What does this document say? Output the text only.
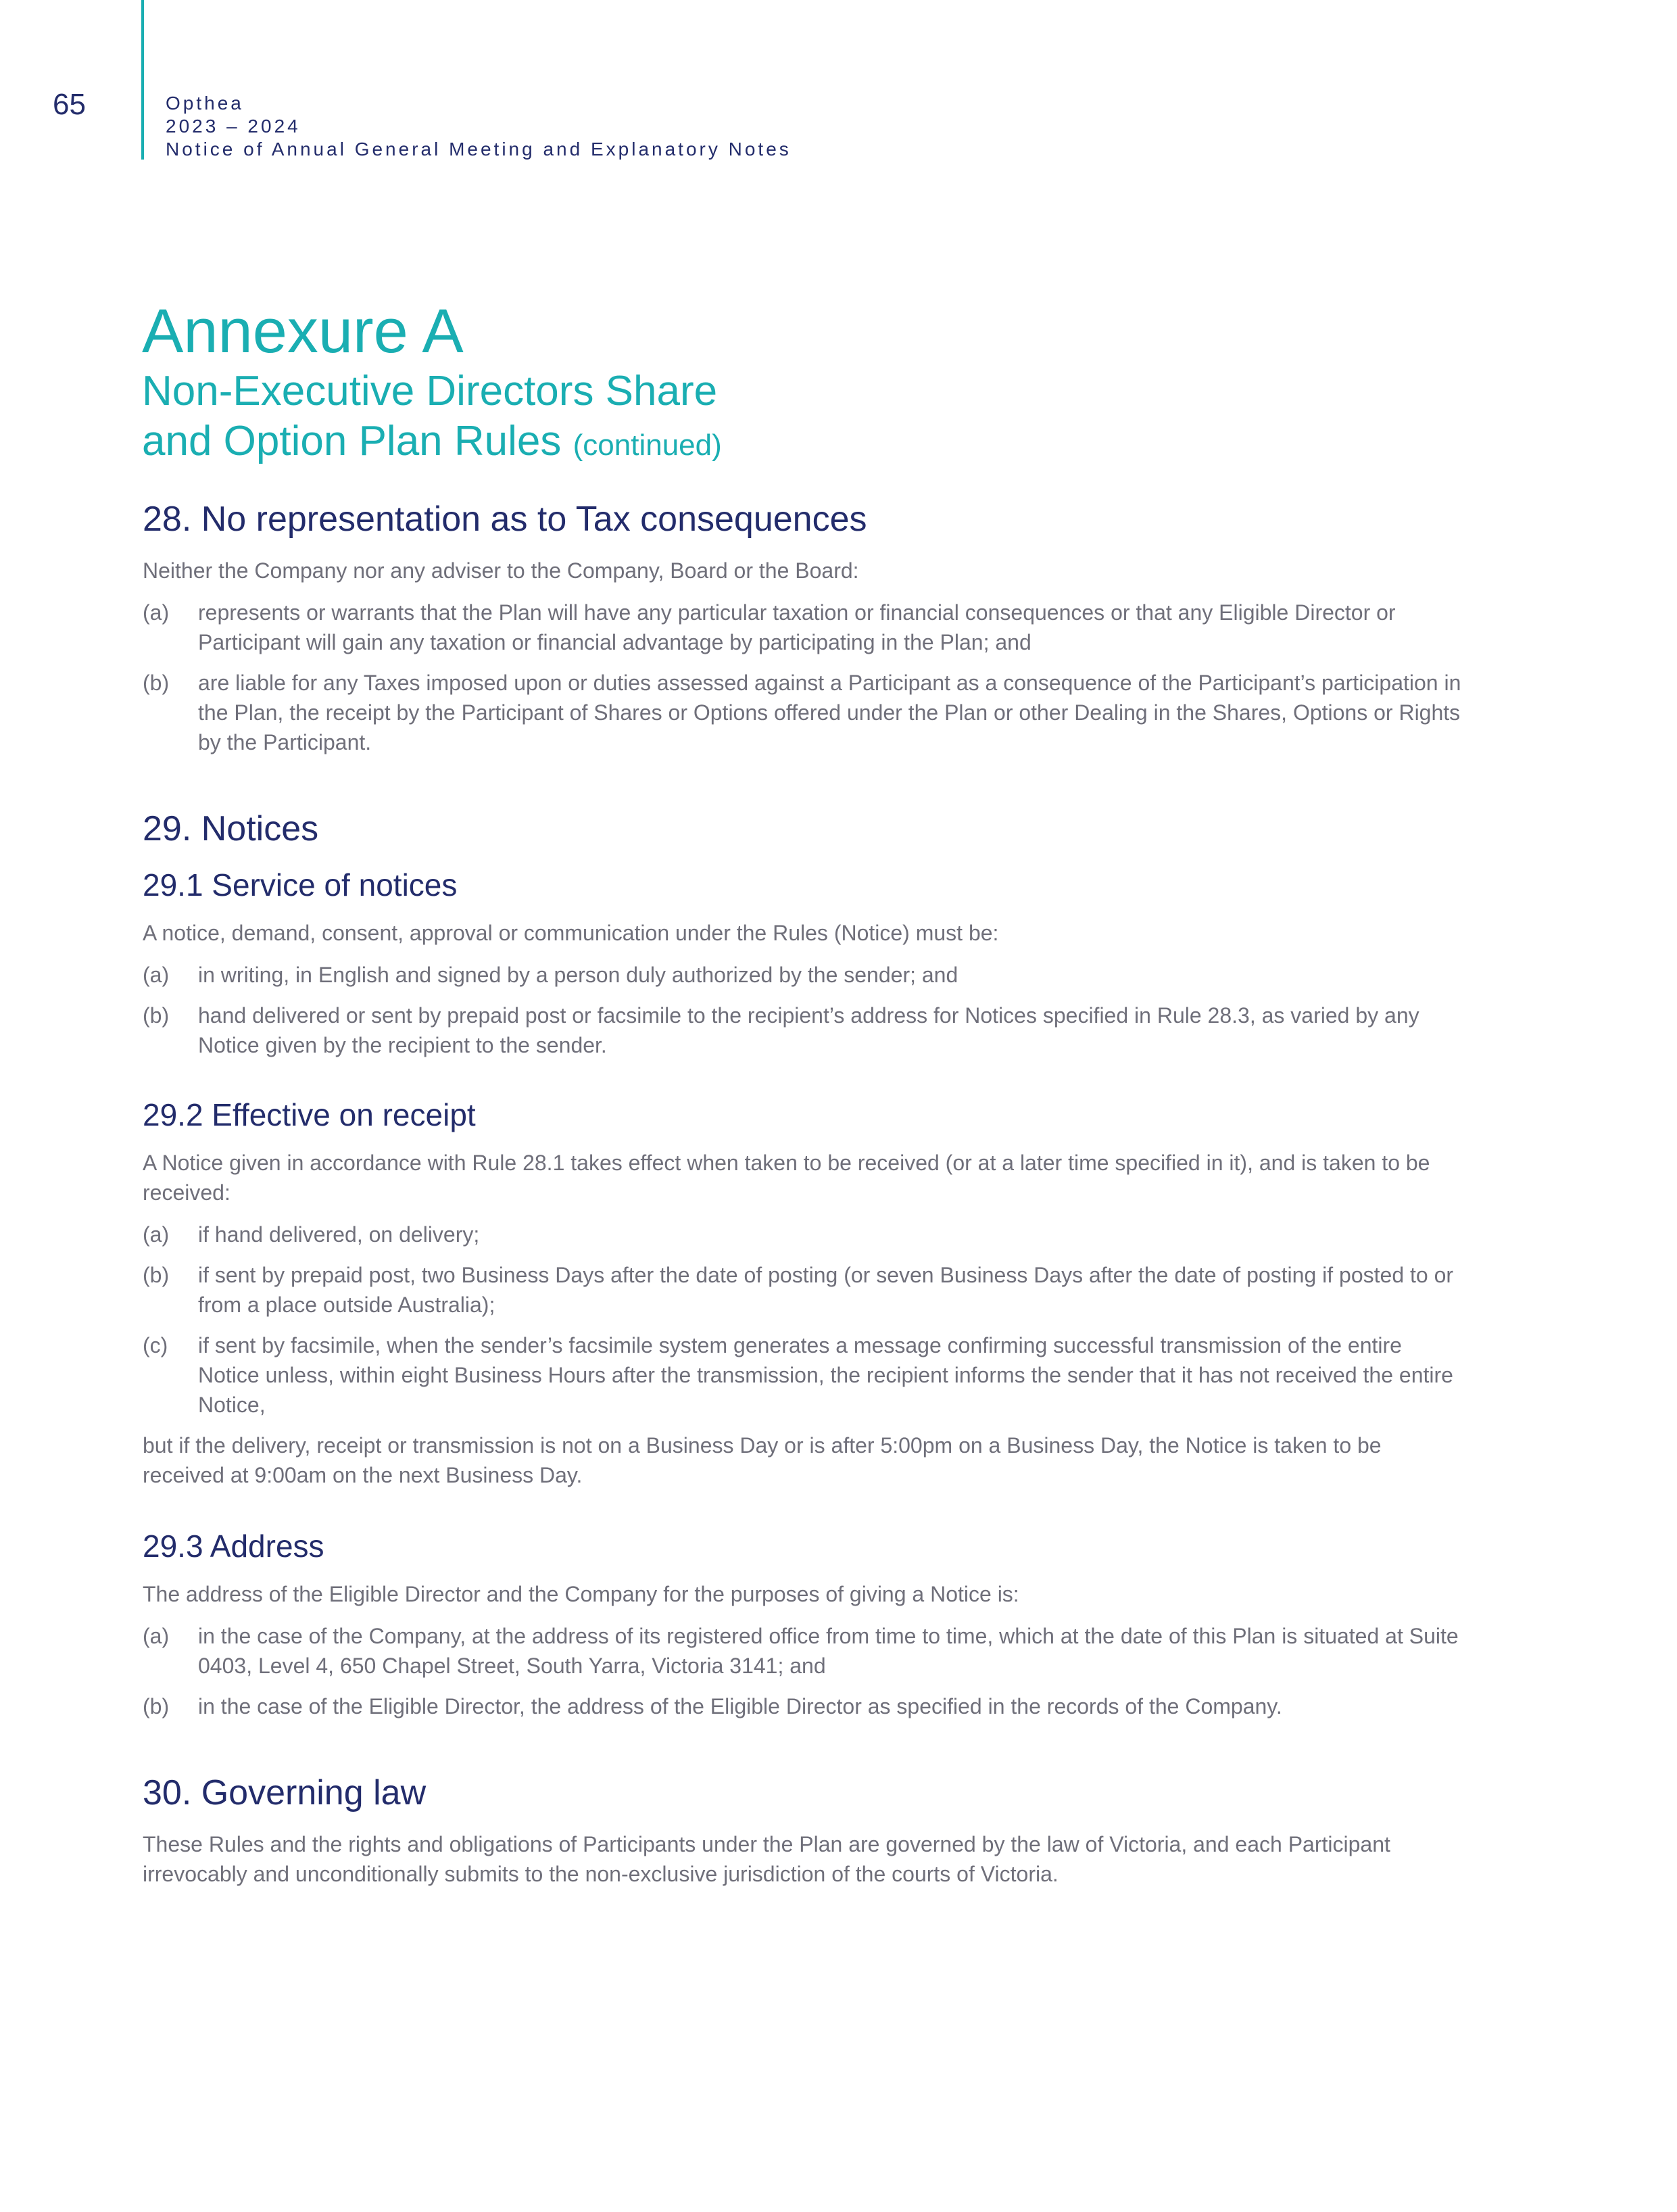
65	Opthea
2023 – 2024
Notice of Annual General Meeting and Explanatory Notes
Annexure A
Non-Executive Directors Share
and Option Plan Rules (continued)
28. No representation as to Tax consequences

Neither the Company nor any adviser to the Company, Board or the Board:

(a)	represents or warrants that the Plan will have any particular taxation or financial consequences or that any Eligible Director or Participant will gain any taxation or financial advantage by participating in the Plan; and
(b)	are liable for any Taxes imposed upon or duties assessed against a Participant as a consequence of the Participant’s participation in the Plan, the receipt by the Participant of Shares or Options offered under the Plan or other Dealing in the Shares, Options or Rights by the Participant.
29. Notices
29.1 Service of notices

A notice, demand, consent, approval or communication under the Rules (Notice) must be:

(a)	in writing, in English and signed by a person duly authorized by the sender; and
(b)	hand delivered or sent by prepaid post or facsimile to the recipient’s address for Notices specified in Rule 28.3, as varied by any Notice given by the recipient to the sender.
29.2 Effective on receipt

A Notice given in accordance with Rule 28.1 takes effect when taken to be received (or at a later time specified in it), and is taken to be received:

(a)	if hand delivered, on delivery;
(b)	if sent by prepaid post, two Business Days after the date of posting (or seven Business Days after the date of posting if posted to or from a place outside Australia);
(c)	if sent by facsimile, when the sender’s facsimile system generates a message confirming successful transmission of the entire Notice unless, within eight Business Hours after the transmission, the recipient informs the sender that it has not received the entire Notice,

but if the delivery, receipt or transmission is not on a Business Day or is after 5:00pm on a Business Day, the Notice is taken to be received at 9:00am on the next Business Day.

29.3 Address

The address of the Eligible Director and the Company for the purposes of giving a Notice is:

(a)	in the case of the Company, at the address of its registered office from time to time, which at the date of this Plan is situated at Suite 0403, Level 4, 650 Chapel Street, South Yarra, Victoria 3141; and
(b)	in the case of the Eligible Director, the address of the Eligible Director as specified in the records of the Company.
30. Governing law

These Rules and the rights and obligations of Participants under the Plan are governed by the law of Victoria, and each Participant irrevocably and unconditionally submits to the non-exclusive jurisdiction of the courts of Victoria.
